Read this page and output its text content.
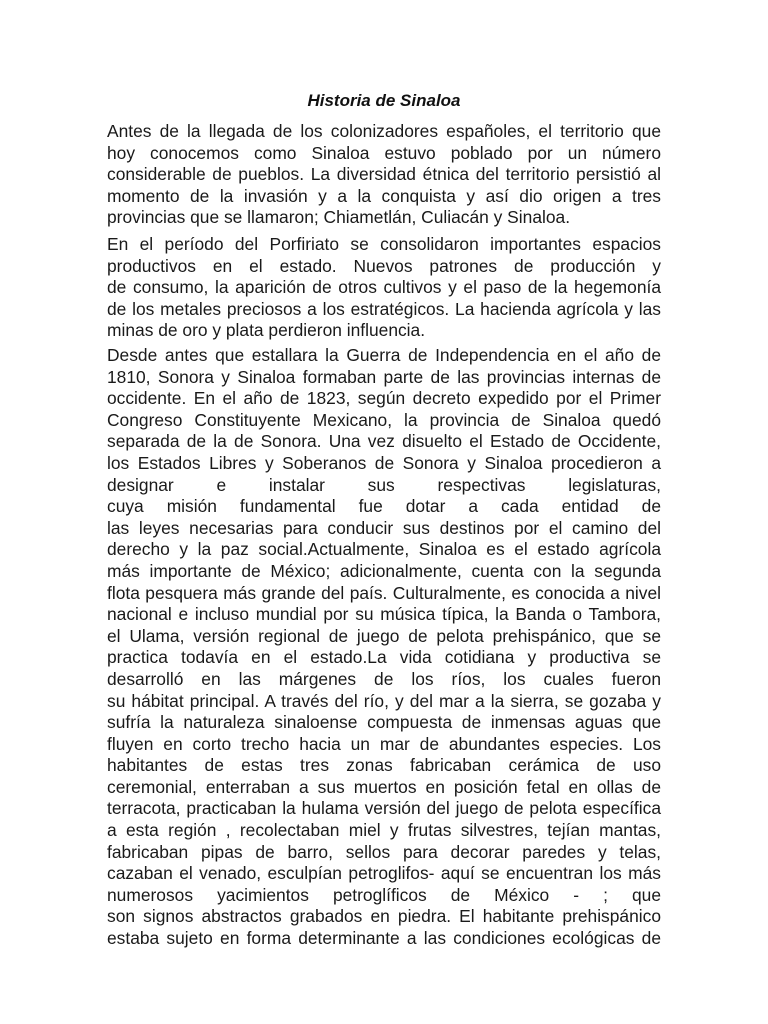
Historia de Sinaloa
Antes de la llegada de los colonizadores españoles, el territorio que
hoy conocemos como Sinaloa estuvo poblado por un número
considerable de pueblos. La diversidad étnica del territorio persistió al
momento de la invasión y a la conquista y así dio origen a tres
provincias que se llamaron; Chiametlán, Culiacán y Sinaloa.
En el período del Porfiriato se consolidaron importantes espacios
productivos en el estado. Nuevos patrones de producción y
de consumo, la aparición de otros cultivos y el paso de la hegemonía
de los metales preciosos a los estratégicos. La hacienda agrícola y las
minas de oro y plata perdieron influencia.
Desde antes que estallara la Guerra de Independencia en el año de
1810, Sonora y Sinaloa formaban parte de las provincias internas de
occidente. En el año de 1823, según decreto expedido por el Primer
Congreso Constituyente Mexicano, la provincia de Sinaloa quedó
separada de la de Sonora. Una vez disuelto el Estado de Occidente,
los Estados Libres y Soberanos de Sonora y Sinaloa procedieron a
designar e instalar sus respectivas legislaturas,
cuya misión fundamental fue dotar a cada entidad de
las leyes necesarias para conducir sus destinos por el camino del
derecho y la paz social.Actualmente, Sinaloa es el estado agrícola
más importante de México; adicionalmente, cuenta con la segunda
flota pesquera más grande del país. Culturalmente, es conocida a nivel
nacional e incluso mundial por su música típica, la Banda o Tambora,
el Ulama, versión regional de juego de pelota prehispánico, que se
practica todavía en el estado.La vida cotidiana y productiva se
desarrolló en las márgenes de los ríos, los cuales fueron
su hábitat principal. A través del río, y del mar a la sierra, se gozaba y
sufría la naturaleza sinaloense compuesta de inmensas aguas que
fluyen en corto trecho hacia un mar de abundantes especies. Los
habitantes de estas tres zonas fabricaban cerámica de uso
ceremonial, enterraban a sus muertos en posición fetal en ollas de
terracota, practicaban la hulama versión del juego de pelota específica
a esta región , recolectaban miel y frutas silvestres, tejían mantas,
fabricaban pipas de barro, sellos para decorar paredes y telas,
cazaban el venado, esculpían petroglifos- aquí se encuentran los más
numerosos yacimientos petroglíficos de México - ; que
son signos abstractos grabados en piedra. El habitante prehispánico
estaba sujeto en forma determinante a las condiciones ecológicas de
